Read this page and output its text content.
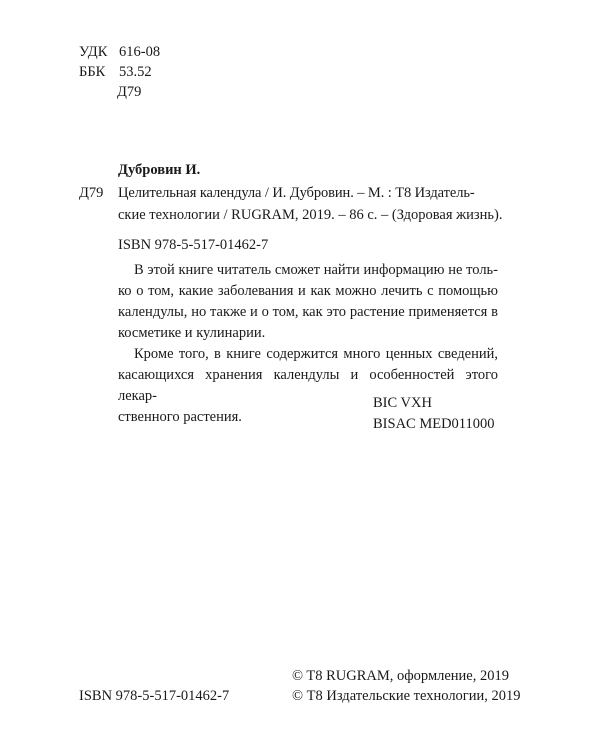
УДК 616-08
ББК 53.52
Д79
Дубровин И.
Д79 Целительная календула / И. Дубровин. – М. : Т8 Издатель-
ские технологии / RUGRAM, 2019. – 86 с. – (Здоровая жизнь).
ISBN 978-5-517-01462-7

В этой книге читатель сможет найти информацию не толь-
ко о том, какие заболевания и как можно лечить с помощью
календулы, но также и о том, как это растение применяется в
косметике и кулинарии.

Кроме того, в книге содержится много ценных сведений,
касающихся хранения календулы и особенностей этого лекар-
ственного растения.

BIC VXH
BISAC MED011000
ISBN 978-5-517-01462-7
© T8 RUGRAM, оформление, 2019
© Т8 Издательские технологии, 2019
